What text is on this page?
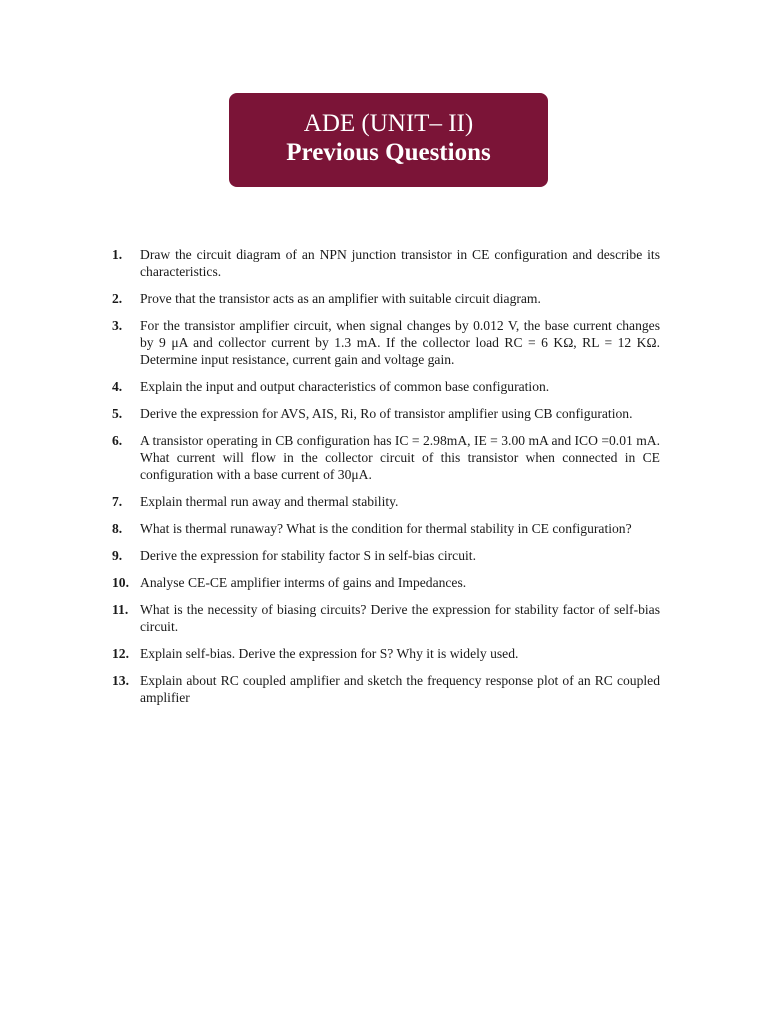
ADE (UNIT– II)
Previous Questions
1.	Draw the circuit diagram of an NPN junction transistor in CE configuration and describe its characteristics.
2.	Prove that the transistor acts as an amplifier with suitable circuit diagram.
3.	For the transistor amplifier circuit, when signal changes by 0.012 V, the base current changes by 9 μA and collector current by 1.3 mA. If the collector load RC = 6 KΩ, RL = 12 KΩ. Determine input resistance, current gain and voltage gain.
4.	Explain the input and output characteristics of common base configuration.
5.	Derive the expression for AVS, AIS, Ri, Ro of transistor amplifier using CB configuration.
6.	A transistor operating in CB configuration has IC = 2.98mA, IE = 3.00 mA and ICO =0.01 mA. What current will flow in the collector circuit of this transistor when connected in CE configuration with a base current of 30μA.
7.	Explain thermal run away and thermal stability.
8.	What is thermal runaway? What is the condition for thermal stability in CE configuration?
9.	Derive the expression for stability factor S in self-bias circuit.
10. Analyse CE-CE amplifier interms of gains and Impedances.
11. What is the necessity of biasing circuits? Derive the expression for stability factor of self-bias circuit.
12. Explain self-bias. Derive the expression for S? Why it is widely used.
13. Explain about RC coupled amplifier and sketch the frequency response plot of an RC coupled amplifier
